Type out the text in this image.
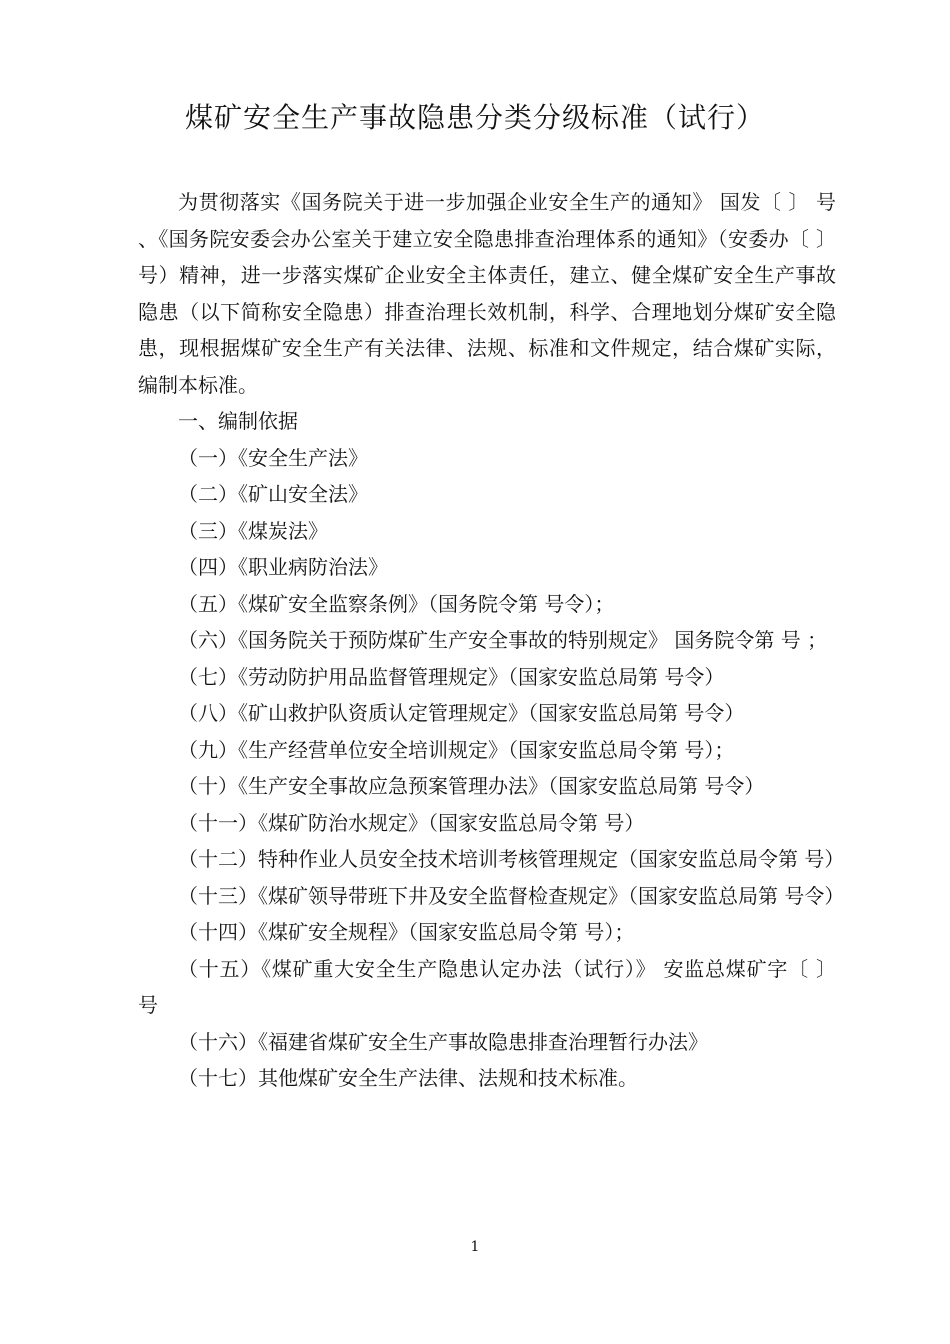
煤矿安全生产事故隐患分类分级标准（试行）

为贯彻落实《国务院关于进一步加强企业安全生产的通知》 国发〔 〕 号 、《国务院安委会办公室关于建立安全隐患排查治理体系的通知》（安委办〔 〕 号）精神，进一步落实煤矿企业安全主体责任，建立、健全煤矿安全生产事故隐患（以下简称安全隐患）排查治理长效机制，科学、合理地划分煤矿安全隐患，现根据煤矿安全生产有关法律、法规、标准和文件规定，结合煤矿实际，编制本标准。

一、编制依据

（一）《安全生产法》

（二）《矿山安全法》

（三）《煤炭法》

（四）《职业病防治法》

（五）《煤矿安全监察条例》（国务院令第 号令）；

（六）《国务院关于预防煤矿生产安全事故的特别规定》 国务院令第 号 ；

（七）《劳动防护用品监督管理规定》（国家安监总局第 号令）

（八）《矿山救护队资质认定管理规定》（国家安监总局第 号令）

（九）《生产经营单位安全培训规定》（国家安监总局令第 号）；

（十）《生产安全事故应急预案管理办法》（国家安监总局第 号令）

（十一）《煤矿防治水规定》（国家安监总局令第 号）

（十二）特种作业人员安全技术培训考核管理规定（国家安监总局令第 号）

（十三）《煤矿领导带班下井及安全监督检查规定》（国家安监总局第 号令）

（十四）《煤矿安全规程》（国家安监总局令第 号）；

（十五）《煤矿重大安全生产隐患认定办法（试行）》 安监总煤矿字〔 〕 号

（十六）《福建省煤矿安全生产事故隐患排查治理暂行办法》

（十七）其他煤矿安全生产法律、法规和技术标准。

1
